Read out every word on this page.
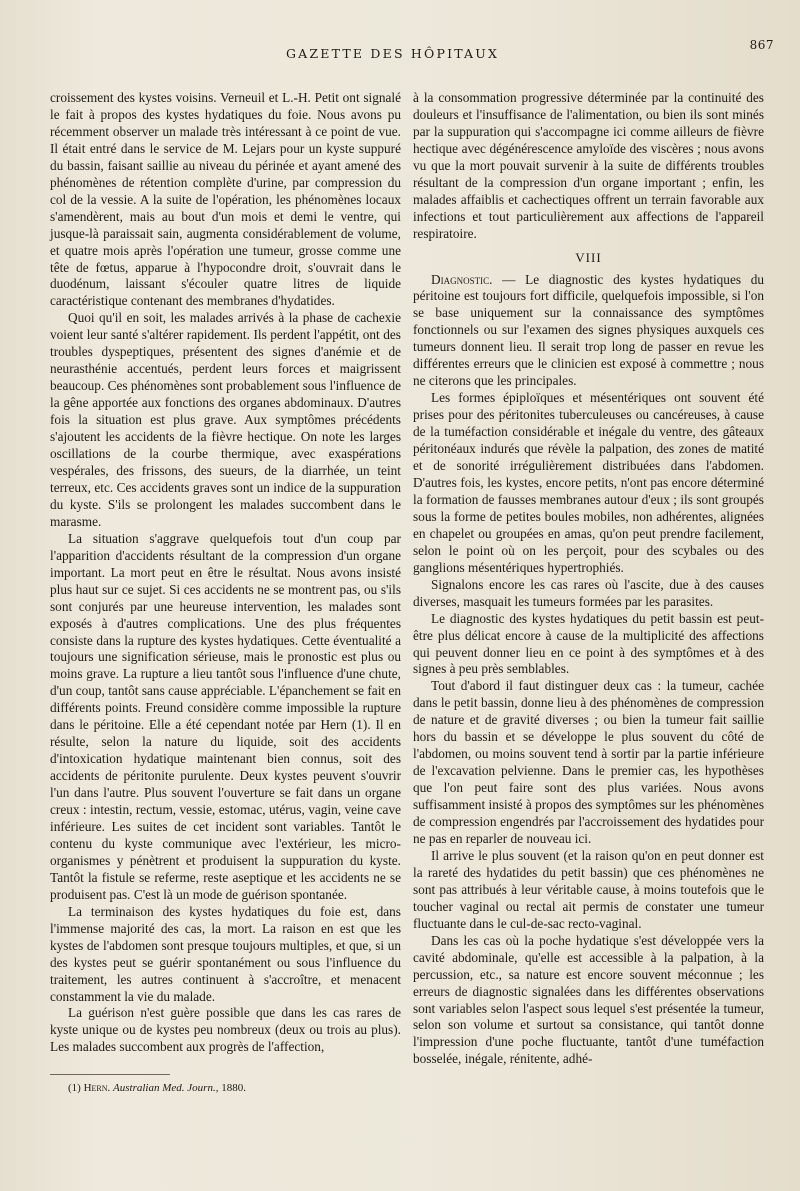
GAZETTE DES HÔPITAUX
867

croissement des kystes voisins. Verneuil et L.-H. Petit ont signalé le fait à propos des kystes hydatiques du foie. Nous avons pu récemment observer un malade très intéressant à ce point de vue. Il était entré dans le service de M. Lejars pour un kyste suppuré du bassin, faisant saillie au niveau du périnée et ayant amené des phénomènes de rétention complète d'urine, par compression du col de la vessie. A la suite de l'opération, les phénomènes locaux s'amendèrent, mais au bout d'un mois et demi le ventre, qui jusque-là paraissait sain, augmenta considérablement de volume, et quatre mois après l'opération une tumeur, grosse comme une tête de fœtus, apparue à l'hypocondre droit, s'ouvrait dans le duodénum, laissant s'écouler quatre litres de liquide caractéristique contenant des membranes d'hydatides.

Quoi qu'il en soit, les malades arrivés à la phase de cachexie voient leur santé s'altérer rapidement. Ils perdent l'appétit, ont des troubles dyspeptiques, présentent des signes d'anémie et de neurasthénie accentués, perdent leurs forces et maigrissent beaucoup. Ces phénomènes sont probablement sous l'influence de la gêne apportée aux fonctions des organes abdominaux. D'autres fois la situation est plus grave. Aux symptômes précédents s'ajoutent les accidents de la fièvre hectique. On note les larges oscillations de la courbe thermique, avec exaspérations vespérales, des frissons, des sueurs, de la diarrhée, un teint terreux, etc. Ces accidents graves sont un indice de la suppuration du kyste. S'ils se prolongent les malades succombent dans le marasme.

La situation s'aggrave quelquefois tout d'un coup par l'apparition d'accidents résultant de la compression d'un organe important. La mort peut en être le résultat. Nous avons insisté plus haut sur ce sujet. Si ces accidents ne se montrent pas, ou s'ils sont conjurés par une heureuse intervention, les malades sont exposés à d'autres complications. Une des plus fréquentes consiste dans la rupture des kystes hydatiques. Cette éventualité a toujours une signification sérieuse, mais le pronostic est plus ou moins grave. La rupture a lieu tantôt sous l'influence d'une chute, d'un coup, tantôt sans cause appréciable. L'épanchement se fait en différents points. Freund considère comme impossible la rupture dans le péritoine. Elle a été cependant notée par Hern (1). Il en résulte, selon la nature du liquide, soit des accidents d'intoxication hydatique maintenant bien connus, soit des accidents de péritonite purulente. Deux kystes peuvent s'ouvrir l'un dans l'autre. Plus souvent l'ouverture se fait dans un organe creux : intestin, rectum, vessie, estomac, utérus, vagin, veine cave inférieure. Les suites de cet incident sont variables. Tantôt le contenu du kyste communique avec l'extérieur, les micro-organismes y pénètrent et produisent la suppuration du kyste. Tantôt la fistule se referme, reste aseptique et les accidents ne se produisent pas. C'est là un mode de guérison spontanée.

La terminaison des kystes hydatiques du foie est, dans l'immense majorité des cas, la mort. La raison en est que les kystes de l'abdomen sont presque toujours multiples, et que, si un des kystes peut se guérir spontanément ou sous l'influence du traitement, les autres continuent à s'accroître, et menacent constamment la vie du malade.

La guérison n'est guère possible que dans les cas rares de kyste unique ou de kystes peu nombreux (deux ou trois au plus). Les malades succombent aux progrès de l'affection,

(1) Hern. Australian Med. Journ., 1880.

à la consommation progressive déterminée par la continuité des douleurs et l'insuffisance de l'alimentation, ou bien ils sont minés par la suppuration qui s'accompagne ici comme ailleurs de fièvre hectique avec dégénérescence amyloïde des viscères ; nous avons vu que la mort pouvait survenir à la suite de différents troubles résultant de la compression d'un organe important ; enfin, les malades affaiblis et cachectiques offrent un terrain favorable aux infections et tout particulièrement aux affections de l'appareil respiratoire.

VIII

Diagnostic. — Le diagnostic des kystes hydatiques du péritoine est toujours fort difficile, quelquefois impossible, si l'on se base uniquement sur la connaissance des symptômes fonctionnels ou sur l'examen des signes physiques auxquels ces tumeurs donnent lieu. Il serait trop long de passer en revue les différentes erreurs que le clinicien est exposé à commettre ; nous ne citerons que les principales.

Les formes épiploïques et mésentériques ont souvent été prises pour des péritonites tuberculeuses ou cancéreuses, à cause de la tuméfaction considérable et inégale du ventre, des gâteaux péritonéaux indurés que révèle la palpation, des zones de matité et de sonorité irrégulièrement distribuées dans l'abdomen. D'autres fois, les kystes, encore petits, n'ont pas encore déterminé la formation de fausses membranes autour d'eux ; ils sont groupés sous la forme de petites boules mobiles, non adhérentes, alignées en chapelet ou groupées en amas, qu'on peut prendre facilement, selon le point où on les perçoit, pour des scybales ou des ganglions mésentériques hypertrophiés.

Signalons encore les cas rares où l'ascite, due à des causes diverses, masquait les tumeurs formées par les parasites.

Le diagnostic des kystes hydatiques du petit bassin est peut-être plus délicat encore à cause de la multiplicité des affections qui peuvent donner lieu en ce point à des symptômes et à des signes à peu près semblables.

Tout d'abord il faut distinguer deux cas : la tumeur, cachée dans le petit bassin, donne lieu à des phénomènes de compression de nature et de gravité diverses ; ou bien la tumeur fait saillie hors du bassin et se développe le plus souvent du côté de l'abdomen, ou moins souvent tend à sortir par la partie inférieure de l'excavation pelvienne. Dans le premier cas, les hypothèses que l'on peut faire sont des plus variées. Nous avons suffisamment insisté à propos des symptômes sur les phénomènes de compression engendrés par l'accroissement des hydatides pour ne pas en reparler de nouveau ici.

Il arrive le plus souvent (et la raison qu'on en peut donner est la rareté des hydatides du petit bassin) que ces phénomènes ne sont pas attribués à leur véritable cause, à moins toutefois que le toucher vaginal ou rectal ait permis de constater une tumeur fluctuante dans le cul-de-sac recto-vaginal.

Dans les cas où la poche hydatique s'est développée vers la cavité abdominale, qu'elle est accessible à la palpation, à la percussion, etc., sa nature est encore souvent méconnue ; les erreurs de diagnostic signalées dans les différentes observations sont variables selon l'aspect sous lequel s'est présentée la tumeur, selon son volume et surtout sa consistance, qui tantôt donne l'impression d'une poche fluctuante, tantôt d'une tuméfaction bosselée, inégale, rénitente, adhé-
